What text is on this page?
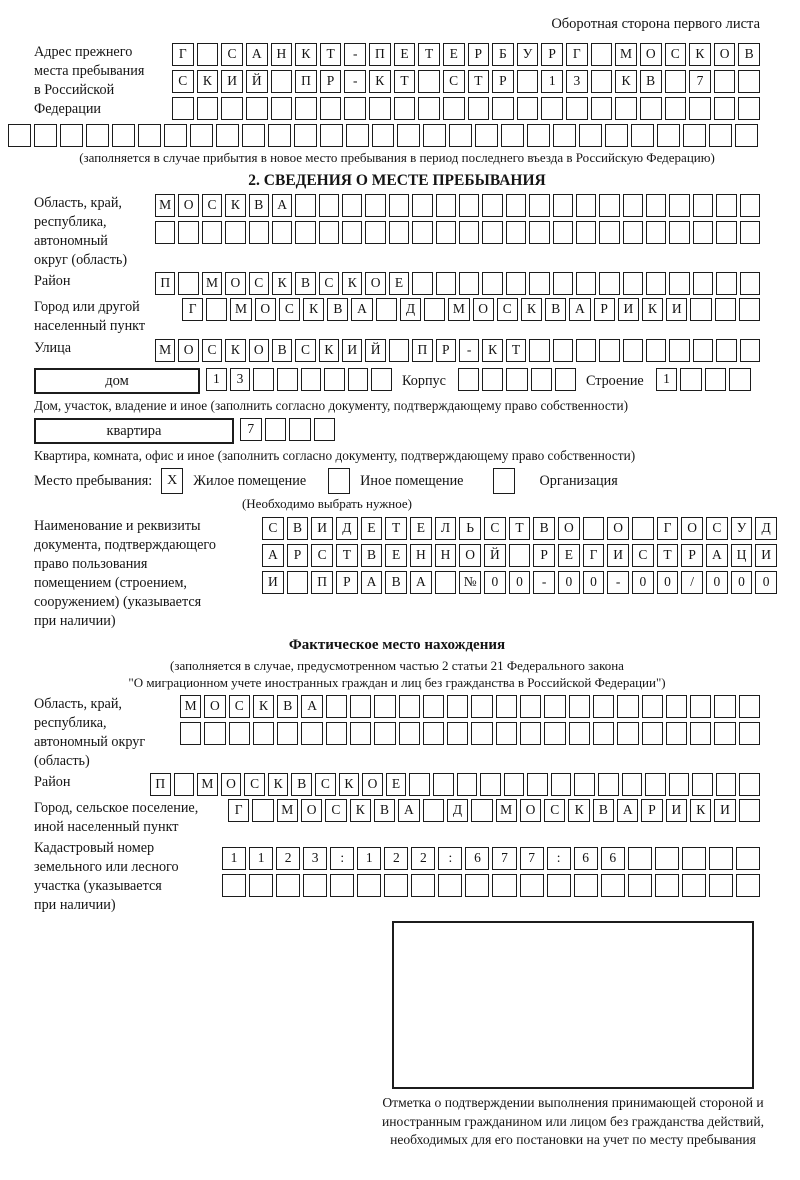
Оборотная сторона первого листа
Адрес прежнего
места пребывания
в Российской
Федерации
Г	С	А	Н	К	Т	-	П	Е	Т	Е	Р	Б	У	Р	Г	М	О	С	К	О	В
С	К	И	Й	П	Р	-	К	Т	С	Т	Р	1	3	К	В	7
(заполняется в случае прибытия в новое место пребывания в период последнего въезда в Российскую Федерацию)
2. СВЕДЕНИЯ О МЕСТЕ ПРЕБЫВАНИЯ
Область, край,
республика,
автономный
округ (область)
М О	С	К	В	А
Район	П	М О	С	К	В	С	К	О	Е
Город или другой
населенный пункт
Г	М О	С	К	В	А	Д	М О	С	К	В	А	Р	И	К	И
Улица	М О	С	К	О	В	С	К	И	Й	П	Р	-	К	Т
дом	1	3	Корпус	Строение	1
Дом, участок, владение и иное (заполнить согласно документу, подтверждающему право собственности)
квартира	7
Квартира, комната, офис и иное (заполнить согласно документу, подтверждающему право собственности)
Место пребывания:	X	Жилое помещение	Иное помещение	Организация
(Необходимо выбрать нужное)
Наименование и реквизиты
документа, подтверждающего
право пользования
помещением (строением,
сооружением) (указывается
при наличии)
С	В	И	Д	Е	Т	Е	Л	Ь	С	Т	В	О	О	Г	О	С	У	Д
А	Р	С	Т	В	Е	Н	Н	О	Й	Р	Е	Г	И	С	Т	Р	А	Ц	И
И	П	Р	А	В	А	№	0	0	-	0	0	-	0	0	/	0	0	0
Фактическое место нахождения
(заполняется в случае, предусмотренном частью 2 статьи 21 Федерального закона
"О миграционном учете иностранных граждан и лиц без гражданства в Российской Федерации")
Область, край,
республика,
автономный округ
(область)
М О	С	К	В	А
Район	П	М О	С	К	В	С	К	О	Е
Город, сельское поселение,
иной населенный пункт
Г	М О	С	К	В	А	Д	М О	С	К	В	А	Р	И	К	И
Кадастровый номер
земельного или лесного
участка (указывается
при наличии)
1	1	2	3	:	1	2	2	:	6	7	7	:	6	6
Отметка о подтверждении выполнения принимающей стороной и иностранным гражданином или лицом без гражданства действий, необходимых для его постановки на учет по месту пребывания
